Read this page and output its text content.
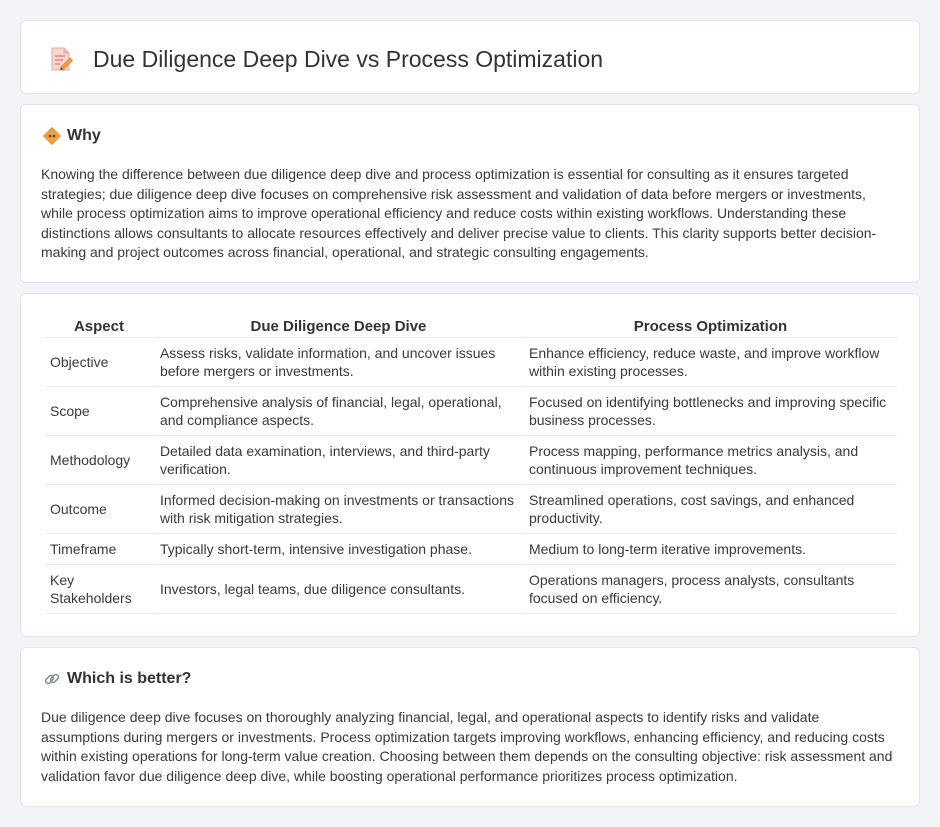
Due Diligence Deep Dive vs Process Optimization
Why

Knowing the difference between due diligence deep dive and process optimization is essential for consulting as it ensures targeted strategies; due diligence deep dive focuses on comprehensive risk assessment and validation of data before mergers or investments, while process optimization aims to improve operational efficiency and reduce costs within existing workflows. Understanding these distinctions allows consultants to allocate resources effectively and deliver precise value to clients. This clarity supports better decision-making and project outcomes across financial, operational, and strategic consulting engagements.

Aspect	Due Diligence Deep Dive	Process Optimization
Objective	Assess risks, validate information, and uncover issues before mergers or investments.	Enhance efficiency, reduce waste, and improve workflow within existing processes.
Scope	Comprehensive analysis of financial, legal, operational, and compliance aspects.	Focused on identifying bottlenecks and improving specific business processes.
Methodology	Detailed data examination, interviews, and third-party verification.	Process mapping, performance metrics analysis, and continuous improvement techniques.
Outcome	Informed decision-making on investments or transactions with risk mitigation strategies.	Streamlined operations, cost savings, and enhanced productivity.
Timeframe	Typically short-term, intensive investigation phase.	Medium to long-term iterative improvements.
Key Stakeholders	Investors, legal teams, due diligence consultants.	Operations managers, process analysts, consultants focused on efficiency.
Which is better?

Due diligence deep dive focuses on thoroughly analyzing financial, legal, and operational aspects to identify risks and validate assumptions during mergers or investments. Process optimization targets improving workflows, enhancing efficiency, and reducing costs within existing operations for long-term value creation. Choosing between them depends on the consulting objective: risk assessment and validation favor due diligence deep dive, while boosting operational performance prioritizes process optimization.
